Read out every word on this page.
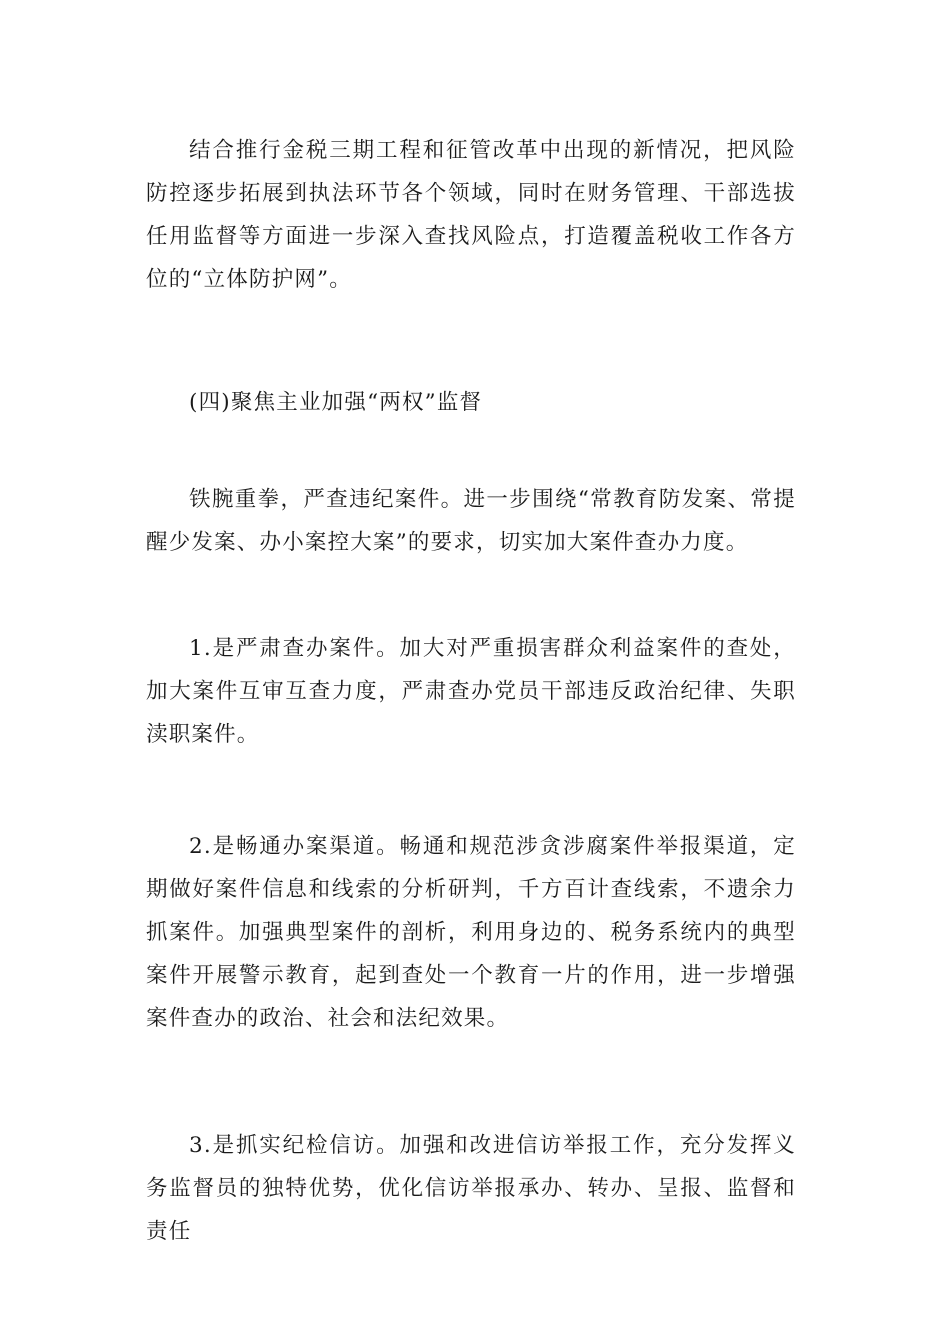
结合推行金税三期工程和征管改革中出现的新情况，把风险防控逐步拓展到执法环节各个领域，同时在财务管理、干部选拔任用监督等方面进一步深入查找风险点，打造覆盖税收工作各方位的“立体防护网”。

(四)聚焦主业加强“两权”监督

铁腕重拳，严查违纪案件。进一步围绕“常教育防发案、常提醒少发案、办小案控大案”的要求，切实加大案件查办力度。

1.是严肃查办案件。加大对严重损害群众利益案件的查处，加大案件互审互查力度，严肃查办党员干部违反政治纪律、失职渎职案件。

2.是畅通办案渠道。畅通和规范涉贪涉腐案件举报渠道，定期做好案件信息和线索的分析研判，千方百计查线索，不遗余力抓案件。加强典型案件的剖析，利用身边的、税务系统内的典型案件开展警示教育，起到查处一个教育一片的作用，进一步增强案件查办的政治、社会和法纪效果。

3.是抓实纪检信访。加强和改进信访举报工作，充分发挥义务监督员的独特优势，优化信访举报承办、转办、呈报、监督和责任
